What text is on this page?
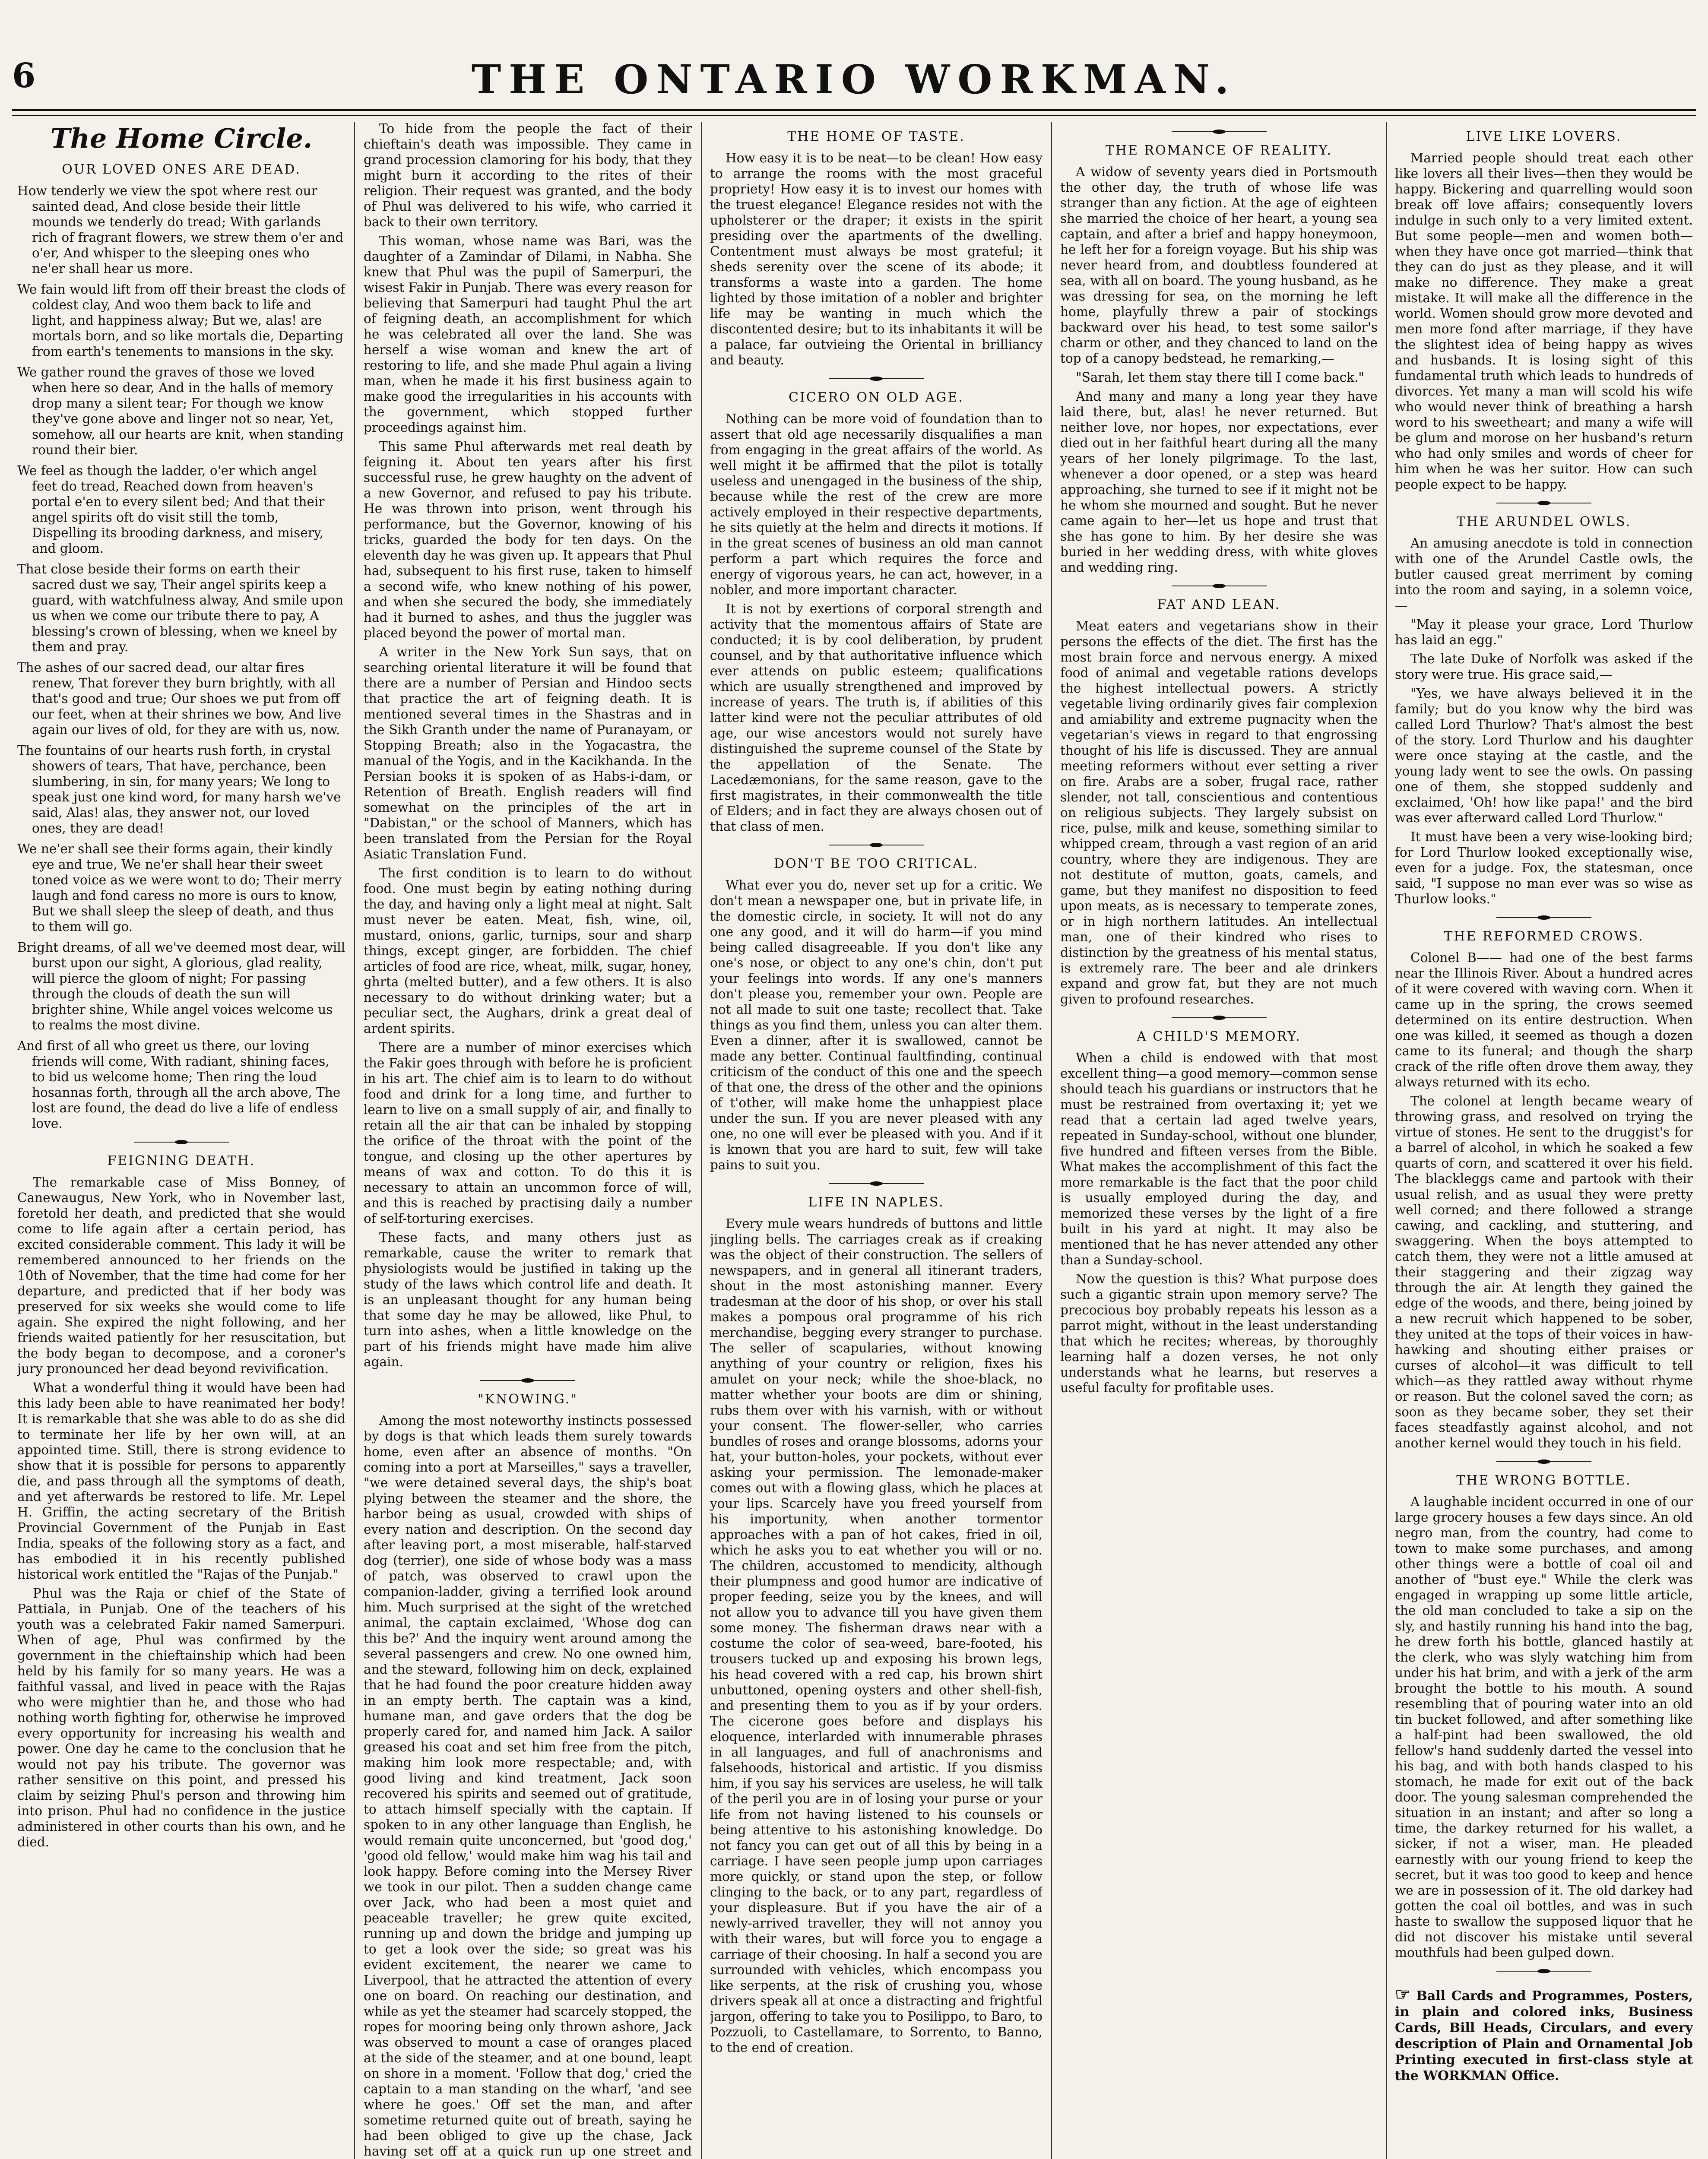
6	THE ONTARIO WORKMAN.
The Home Circle.
OUR LOVED ONES ARE DEAD.

How tenderly we view the spot where rest our sainted dead, And close beside their little mounds we tenderly do tread; With garlands rich of fragrant flowers, we strew them o'er and o'er, And whisper to the sleeping ones who ne'er shall hear us more.

We fain would lift from off their breast the clods of coldest clay, And woo them back to life and light, and happiness alway; But we, alas! are mortals born, and so like mortals die, Departing from earth's tenements to mansions in the sky.

We gather round the graves of those we loved when here so dear, And in the halls of memory drop many a silent tear; For though we know they've gone above and linger not so near, Yet, somehow, all our hearts are knit, when standing round their bier.

We feel as though the ladder, o'er which angel feet do tread, Reached down from heaven's portal e'en to every silent bed; And that their angel spirits oft do visit still the tomb, Dispelling its brooding darkness, and misery, and gloom.

That close beside their forms on earth their sacred dust we say, Their angel spirits keep a guard, with watchfulness alway, And smile upon us when we come our tribute there to pay, A blessing's crown of blessing, when we kneel by them and pray.

The ashes of our sacred dead, our altar fires renew, That forever they burn brightly, with all that's good and true; Our shoes we put from off our feet, when at their shrines we bow, And live again our lives of old, for they are with us, now.

The fountains of our hearts rush forth, in crystal showers of tears, That have, perchance, been slumbering, in sin, for many years; We long to speak just one kind word, for many harsh we've said, Alas! alas, they answer not, our loved ones, they are dead!

We ne'er shall see their forms again, their kindly eye and true, We ne'er shall hear their sweet toned voice as we were wont to do; Their merry laugh and fond caress no more is ours to know, But we shall sleep the sleep of death, and thus to them will go.

Bright dreams, of all we've deemed most dear, will burst upon our sight, A glorious, glad reality, will pierce the gloom of night; For passing through the clouds of death the sun will brighter shine, While angel voices welcome us to realms the most divine.

And first of all who greet us there, our loving friends will come, With radiant, shining faces, to bid us welcome home; Then ring the loud hosannas forth, through all the arch above, The lost are found, the dead do live a life of endless love.

FEIGNING DEATH.

The remarkable case of Miss Bonney, of Canewaugus, New York, who in November last, foretold her death, and predicted that she would come to life again after a certain period, has excited considerable comment. This lady it will be remembered announced to her friends on the 10th of November, that the time had come for her departure, and predicted that if her body was preserved for six weeks she would come to life again. She expired the night following, and her friends waited patiently for her resuscitation, but the body began to decompose, and a coroner's jury pronounced her dead beyond revivification.

What a wonderful thing it would have been had this lady been able to have reanimated her body! It is remarkable that she was able to do as she did to terminate her life by her own will, at an appointed time. Still, there is strong evidence to show that it is possible for persons to apparently die, and pass through all the symptoms of death, and yet afterwards be restored to life. Mr. Lepel H. Griffin, the acting secretary of the British Provincial Government of the Punjab in East India, speaks of the following story as a fact, and has embodied it in his recently published historical work entitled the "Rajas of the Punjab."

Phul was the Raja or chief of the State of Pattiala, in Punjab. One of the teachers of his youth was a celebrated Fakir named Samerpuri. When of age, Phul was confirmed by the government in the chieftainship which had been held by his family for so many years. He was a faithful vassal, and lived in peace with the Rajas who were mightier than he, and those who had nothing worth fighting for, otherwise he improved every opportunity for increasing his wealth and power. One day he came to the conclusion that he would not pay his tribute. The governor was rather sensitive on this point, and pressed his claim by seizing Phul's person and throwing him into prison. Phul had no confidence in the justice administered in other courts than his own, and he died.

To hide from the people the fact of their chieftain's death was impossible. They came in grand procession clamoring for his body, that they might burn it according to the rites of their religion. Their request was granted, and the body of Phul was delivered to his wife, who carried it back to their own territory.

This woman, whose name was Bari, was the daughter of a Zamindar of Dilami, in Nabha. She knew that Phul was the pupil of Samerpuri, the wisest Fakir in Punjab. There was every reason for believing that Samerpuri had taught Phul the art of feigning death, an accomplishment for which he was celebrated all over the land. She was herself a wise woman and knew the art of restoring to life, and she made Phul again a living man, when he made it his first business again to make good the irregularities in his accounts with the government, which stopped further proceedings against him.

This same Phul afterwards met real death by feigning it. About ten years after his first successful ruse, he grew haughty on the advent of a new Governor, and refused to pay his tribute. He was thrown into prison, went through his performance, but the Governor, knowing of his tricks, guarded the body for ten days. On the eleventh day he was given up. It appears that Phul had, subsequent to his first ruse, taken to himself a second wife, who knew nothing of his power, and when she secured the body, she immediately had it burned to ashes, and thus the juggler was placed beyond the power of mortal man.

A writer in the New York Sun says, that on searching oriental literature it will be found that there are a number of Persian and Hindoo sects that practice the art of feigning death. It is mentioned several times in the Shastras and in the Sikh Granth under the name of Puranayam, or Stopping Breath; also in the Yogacastra, the manual of the Yogis, and in the Kacikhanda. In the Persian books it is spoken of as Habs-i-dam, or Retention of Breath. English readers will find somewhat on the principles of the art in "Dabistan," or the school of Manners, which has been translated from the Persian for the Royal Asiatic Translation Fund.

The first condition is to learn to do without food. One must begin by eating nothing during the day, and having only a light meal at night. Salt must never be eaten. Meat, fish, wine, oil, mustard, onions, garlic, turnips, sour and sharp things, except ginger, are forbidden. The chief articles of food are rice, wheat, milk, sugar, honey, ghrta (melted butter), and a few others. It is also necessary to do without drinking water; but a peculiar sect, the Aughars, drink a great deal of ardent spirits.

There are a number of minor exercises which the Fakir goes through with before he is proficient in his art. The chief aim is to learn to do without food and drink for a long time, and further to learn to live on a small supply of air, and finally to retain all the air that can be inhaled by stopping the orifice of the throat with the point of the tongue, and closing up the other apertures by means of wax and cotton. To do this it is necessary to attain an uncommon force of will, and this is reached by practising daily a number of self-torturing exercises.

These facts, and many others just as remarkable, cause the writer to remark that physiologists would be justified in taking up the study of the laws which control life and death. It is an unpleasant thought for any human being that some day he may be allowed, like Phul, to turn into ashes, when a little knowledge on the part of his friends might have made him alive again.

"KNOWING."

Among the most noteworthy instincts possessed by dogs is that which leads them surely towards home, even after an absence of months. "On coming into a port at Marseilles," says a traveller, "we were detained several days, the ship's boat plying between the steamer and the shore, the harbor being as usual, crowded with ships of every nation and description. On the second day after leaving port, a most miserable, half-starved dog (terrier), one side of whose body was a mass of patch, was observed to crawl upon the companion-ladder, giving a terrified look around him. Much surprised at the sight of the wretched animal, the captain exclaimed, 'Whose dog can this be?' And the inquiry went around among the several passengers and crew. No one owned him, and the steward, following him on deck, explained that he had found the poor creature hidden away in an empty berth. The captain was a kind, humane man, and gave orders that the dog be properly cared for, and named him Jack. A sailor greased his coat and set him free from the pitch, making him look more respectable; and, with good living and kind treatment, Jack soon recovered his spirits and seemed out of gratitude, to attach himself specially with the captain. If spoken to in any other language than English, he would remain quite unconcerned, but 'good dog,' 'good old fellow,' would make him wag his tail and look happy. Before coming into the Mersey River we took in our pilot. Then a sudden change came over Jack, who had been a most quiet and peaceable traveller; he grew quite excited, running up and down the bridge and jumping up to get a look over the side; so great was his evident excitement, the nearer we came to Liverpool, that he attracted the attention of every one on board. On reaching our destination, and while as yet the steamer had scarcely stopped, the ropes for mooring being only thrown ashore, Jack was observed to mount a case of oranges placed at the side of the steamer, and at one bound, leapt on shore in a moment. 'Follow that dog,' cried the captain to a man standing on the wharf, 'and see where he goes.' Off set the man, and after sometime returned quite out of breath, saying he had been obliged to give up the chase, Jack having set off at a quick run up one street and

THE HOME OF TASTE.

How easy it is to be neat—to be clean! How easy to arrange the rooms with the most graceful propriety! How easy it is to invest our homes with the truest elegance! Elegance resides not with the upholsterer or the draper; it exists in the spirit presiding over the apartments of the dwelling. Contentment must always be most grateful; it sheds serenity over the scene of its abode; it transforms a waste into a garden. The home lighted by those imitation of a nobler and brighter life may be wanting in much which the discontented desire; but to its inhabitants it will be a palace, far outvieing the Oriental in brilliancy and beauty.

CICERO ON OLD AGE.

Nothing can be more void of foundation than to assert that old age necessarily disqualifies a man from engaging in the great affairs of the world. As well might it be affirmed that the pilot is totally useless and unengaged in the business of the ship, because while the rest of the crew are more actively employed in their respective departments, he sits quietly at the helm and directs it motions. If in the great scenes of business an old man cannot perform a part which requires the force and energy of vigorous years, he can act, however, in a nobler, and more important character.

It is not by exertions of corporal strength and activity that the momentous affairs of State are conducted; it is by cool deliberation, by prudent counsel, and by that authoritative influence which ever attends on public esteem; qualifications which are usually strengthened and improved by increase of years. The truth is, if abilities of this latter kind were not the peculiar attributes of old age, our wise ancestors would not surely have distinguished the supreme counsel of the State by the appellation of the Senate. The Lacedæmonians, for the same reason, gave to the first magistrates, in their commonwealth the title of Elders; and in fact they are always chosen out of that class of men.

DON'T BE TOO CRITICAL.

What ever you do, never set up for a critic. We don't mean a newspaper one, but in private life, in the domestic circle, in society. It will not do any one any good, and it will do harm—if you mind being called disagreeable. If you don't like any one's nose, or object to any one's chin, don't put your feelings into words. If any one's manners don't please you, remember your own. People are not all made to suit one taste; recollect that. Take things as you find them, unless you can alter them. Even a dinner, after it is swallowed, cannot be made any better. Continual faultfinding, continual criticism of the conduct of this one and the speech of that one, the dress of the other and the opinions of t'other, will make home the unhappiest place under the sun. If you are never pleased with any one, no one will ever be pleased with you. And if it is known that you are hard to suit, few will take pains to suit you.

LIFE IN NAPLES.

Every mule wears hundreds of buttons and little jingling bells. The carriages creak as if creaking was the object of their construction. The sellers of newspapers, and in general all itinerant traders, shout in the most astonishing manner. Every tradesman at the door of his shop, or over his stall makes a pompous oral programme of his rich merchandise, begging every stranger to purchase. The seller of scapularies, without knowing anything of your country or religion, fixes his amulet on your neck; while the shoe-black, no matter whether your boots are dim or shining, rubs them over with his varnish, with or without your consent. The flower-seller, who carries bundles of roses and orange blossoms, adorns your hat, your button-holes, your pockets, without ever asking your permission. The lemonade-maker comes out with a flowing glass, which he places at your lips. Scarcely have you freed yourself from his importunity, when another tormentor approaches with a pan of hot cakes, fried in oil, which he asks you to eat whether you will or no. The children, accustomed to mendicity, although their plumpness and good humor are indicative of proper feeding, seize you by the knees, and will not allow you to advance till you have given them some money. The fisherman draws near with a costume the color of sea-weed, bare-footed, his trousers tucked up and exposing his brown legs, his head covered with a red cap, his brown shirt unbuttoned, opening oysters and other shell-fish, and presenting them to you as if by your orders. The cicerone goes before and displays his eloquence, interlarded with innumerable phrases in all languages, and full of anachronisms and falsehoods, historical and artistic. If you dismiss him, if you say his services are useless, he will talk of the peril you are in of losing your purse or your life from not having listened to his counsels or being attentive to his astonishing knowledge. Do not fancy you can get out of all this by being in a carriage. I have seen people jump upon carriages more quickly, or stand upon the step, or follow clinging to the back, or to any part, regardless of your displeasure. But if you have the air of a newly-arrived traveller, they will not annoy you with their wares, but will force you to engage a carriage of their choosing. In half a second you are surrounded with vehicles, which encompass you like serpents, at the risk of crushing you, whose drivers speak all at once a distracting and frightful jargon, offering to take you to Posilippo, to Baro, to Pozzuoli, to Castellamare, to Sorrento, to Banno, to the end of creation.

THE ROMANCE OF REALITY.

A widow of seventy years died in Portsmouth the other day, the truth of whose life was stranger than any fiction. At the age of eighteen she married the choice of her heart, a young sea captain, and after a brief and happy honeymoon, he left her for a foreign voyage. But his ship was never heard from, and doubtless foundered at sea, with all on board. The young husband, as he was dressing for sea, on the morning he left home, playfully threw a pair of stockings backward over his head, to test some sailor's charm or other, and they chanced to land on the top of a canopy bedstead, he remarking,—

"Sarah, let them stay there till I come back."

And many and many a long year they have laid there, but, alas! he never returned. But neither love, nor hopes, nor expectations, ever died out in her faithful heart during all the many years of her lonely pilgrimage. To the last, whenever a door opened, or a step was heard approaching, she turned to see if it might not be he whom she mourned and sought. But he never came again to her—let us hope and trust that she has gone to him. By her desire she was buried in her wedding dress, with white gloves and wedding ring.

FAT AND LEAN.

Meat eaters and vegetarians show in their persons the effects of the diet. The first has the most brain force and nervous energy. A mixed food of animal and vegetable rations develops the highest intellectual powers. A strictly vegetable living ordinarily gives fair complexion and amiability and extreme pugnacity when the vegetarian's views in regard to that engrossing thought of his life is discussed. They are annual meeting reformers without ever setting a river on fire. Arabs are a sober, frugal race, rather slender, not tall, conscientious and contentious on religious subjects. They largely subsist on rice, pulse, milk and keuse, something similar to whipped cream, through a vast region of an arid country, where they are indigenous. They are not destitute of mutton, goats, camels, and game, but they manifest no disposition to feed upon meats, as is necessary to temperate zones, or in high northern latitudes. An intellectual man, one of their kindred who rises to distinction by the greatness of his mental status, is extremely rare. The beer and ale drinkers expand and grow fat, but they are not much given to profound researches.

A CHILD'S MEMORY.

When a child is endowed with that most excellent thing—a good memory—common sense should teach his guardians or instructors that he must be restrained from overtaxing it; yet we read that a certain lad aged twelve years, repeated in Sunday-school, without one blunder, five hundred and fifteen verses from the Bible. What makes the accomplishment of this fact the more remarkable is the fact that the poor child is usually employed during the day, and memorized these verses by the light of a fire built in his yard at night. It may also be mentioned that he has never attended any other than a Sunday-school.

Now the question is this? What purpose does such a gigantic strain upon memory serve? The precocious boy probably repeats his lesson as a parrot might, without in the least understanding that which he recites; whereas, by thoroughly learning half a dozen verses, he not only understands what he learns, but reserves a useful faculty for profitable uses.

LIVE LIKE LOVERS.

Married people should treat each other like lovers all their lives—then they would be happy. Bickering and quarrelling would soon break off love affairs; consequently lovers indulge in such only to a very limited extent. But some people—men and women both—when they have once got married—think that they can do just as they please, and it will make no difference. They make a great mistake. It will make all the difference in the world. Women should grow more devoted and men more fond after marriage, if they have the slightest idea of being happy as wives and husbands. It is losing sight of this fundamental truth which leads to hundreds of divorces. Yet many a man will scold his wife who would never think of breathing a harsh word to his sweetheart; and many a wife will be glum and morose on her husband's return who had only smiles and words of cheer for him when he was her suitor. How can such people expect to be happy.

THE ARUNDEL OWLS.

An amusing anecdote is told in connection with one of the Arundel Castle owls, the butler caused great merriment by coming into the room and saying, in a solemn voice,—

"May it please your grace, Lord Thurlow has laid an egg."

The late Duke of Norfolk was asked if the story were true. His grace said,—

"Yes, we have always believed it in the family; but do you know why the bird was called Lord Thurlow? That's almost the best of the story. Lord Thurlow and his daughter were once staying at the castle, and the young lady went to see the owls. On passing one of them, she stopped suddenly and exclaimed, 'Oh! how like papa!' and the bird was ever afterward called Lord Thurlow."

It must have been a very wise-looking bird; for Lord Thurlow looked exceptionally wise, even for a judge. Fox, the statesman, once said, "I suppose no man ever was so wise as Thurlow looks."

THE REFORMED CROWS.

Colonel B—— had one of the best farms near the Illinois River. About a hundred acres of it were covered with waving corn. When it came up in the spring, the crows seemed determined on its entire destruction. When one was killed, it seemed as though a dozen came to its funeral; and though the sharp crack of the rifle often drove them away, they always returned with its echo.

The colonel at length became weary of throwing grass, and resolved on trying the virtue of stones. He sent to the druggist's for a barrel of alcohol, in which he soaked a few quarts of corn, and scattered it over his field. The blackleggs came and partook with their usual relish, and as usual they were pretty well corned; and there followed a strange cawing, and cackling, and stuttering, and swaggering. When the boys attempted to catch them, they were not a little amused at their staggering and their zigzag way through the air. At length they gained the edge of the woods, and there, being joined by a new recruit which happened to be sober, they united at the tops of their voices in haw-hawking and shouting either praises or curses of alcohol—it was difficult to tell which—as they rattled away without rhyme or reason. But the colonel saved the corn; as soon as they became sober, they set their faces steadfastly against alcohol, and not another kernel would they touch in his field.

THE WRONG BOTTLE.

A laughable incident occurred in one of our large grocery houses a few days since. An old negro man, from the country, had come to town to make some purchases, and among other things were a bottle of coal oil and another of "bust eye." While the clerk was engaged in wrapping up some little article, the old man concluded to take a sip on the sly, and hastily running his hand into the bag, he drew forth his bottle, glanced hastily at the clerk, who was slyly watching him from under his hat brim, and with a jerk of the arm brought the bottle to his mouth. A sound resembling that of pouring water into an old tin bucket followed, and after something like a half-pint had been swallowed, the old fellow's hand suddenly darted the vessel into his bag, and with both hands clasped to his stomach, he made for exit out of the back door. The young salesman comprehended the situation in an instant; and after so long a time, the darkey returned for his wallet, a sicker, if not a wiser, man. He pleaded earnestly with our young friend to keep the secret, but it was too good to keep and hence we are in possession of it. The old darkey had gotten the coal oil bottles, and was in such haste to swallow the supposed liquor that he did not discover his mistake until several mouthfuls had been gulped down.

☞ Ball Cards and Programmes, Posters, in plain and colored inks, Business Cards, Bill Heads, Circulars, and every description of Plain and Ornamental Job Printing executed in first-class style at the WORKMAN Office.
